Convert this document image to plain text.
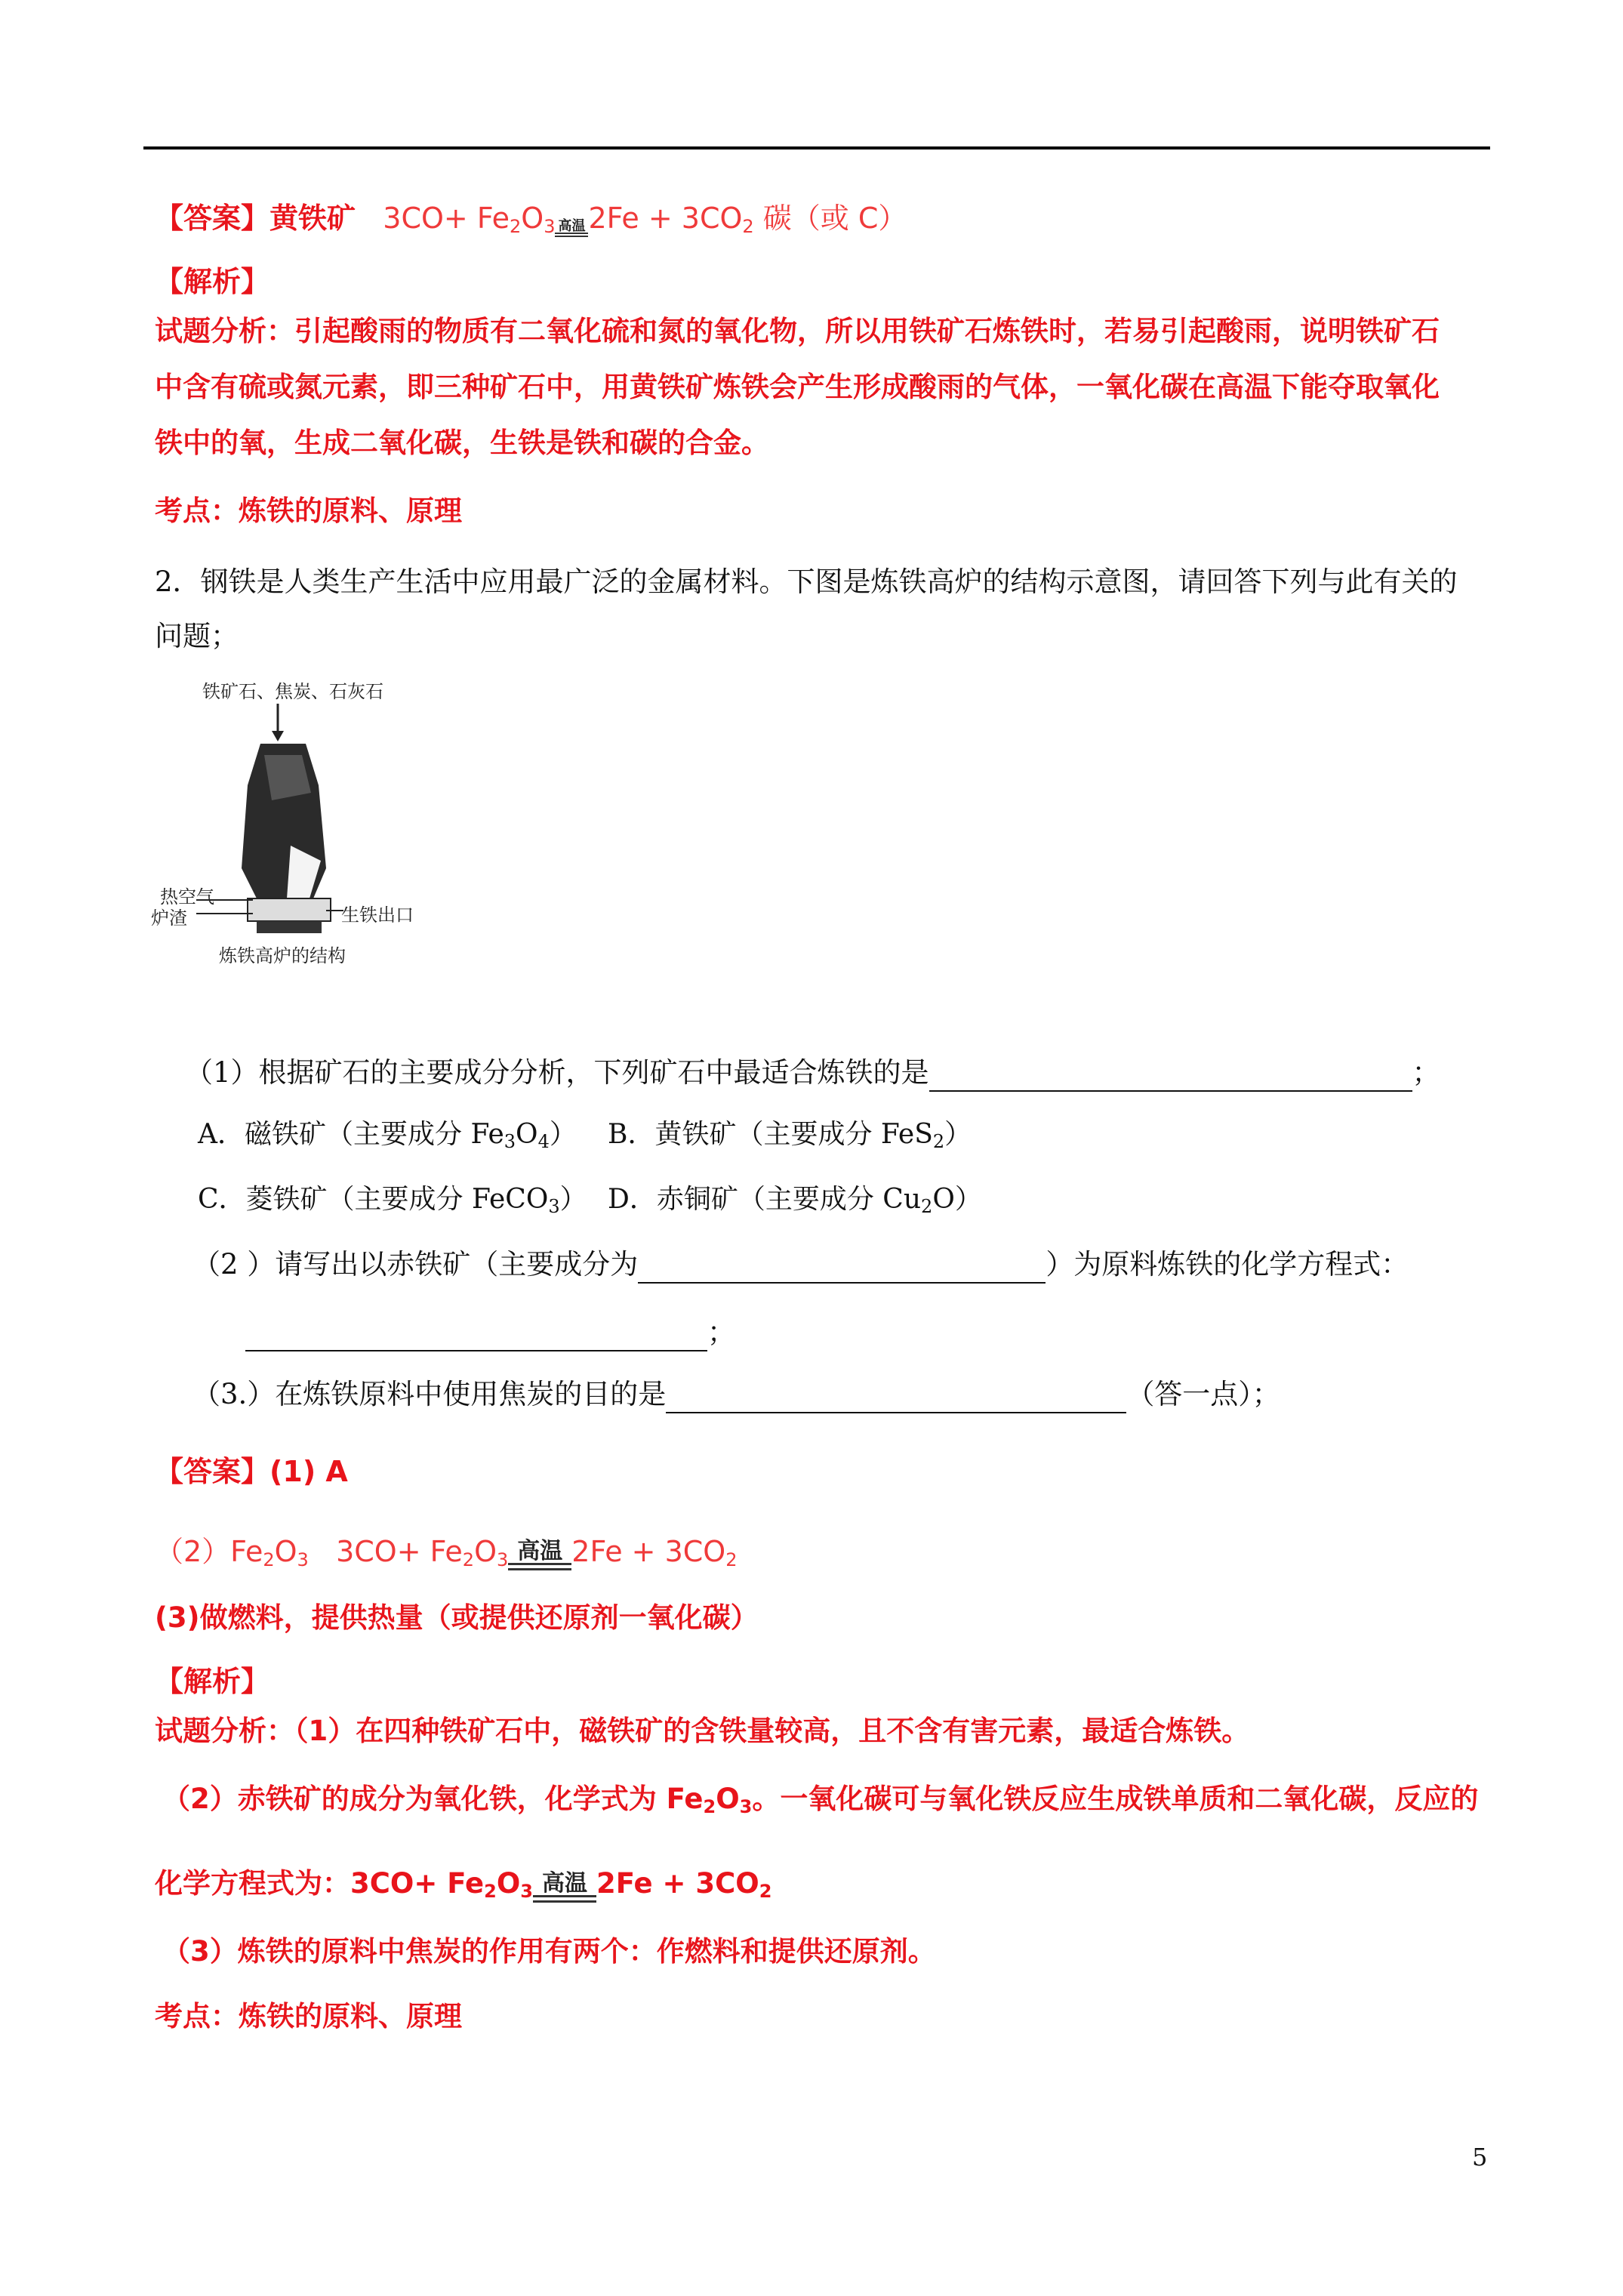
【答案】黄铁矿 $3CO+ Fe_2O_3$ 高温 $2Fe + 3CO_2$ 碳（或 C）
【解析】
试题分析：引起酸雨的物质有二氧化硫和氮的氧化物，所以用铁矿石炼铁时，若易引起酸雨，说明铁矿石
中含有硫或氮元素，即三种矿石中，用黄铁矿炼铁会产生形成酸雨的气体，一氧化碳在高温下能夺取氧化
铁中的氧，生成二氧化碳，生铁是铁和碳的合金。
考点：炼铁的原料、原理
2．钢铁是人类生产生活中应用最广泛的金属材料。下图是炼铁高炉的结构示意图，请回答下列与此有关的
问题；
铁矿石、焦炭、石灰石
热空气
炉渣	生铁出口
炼铁高炉的结构
（1）根据矿石的主要成分分析，下列矿石中最适合炼铁的是	；
A．磁铁矿（主要成分 $Fe_3O_4$） B．黄铁矿（主要成分 FeS$_2$）
C．菱铁矿（主要成分 FeCO$_3$） D．赤铜矿（主要成分 $Cu_2O$）
（2 ）请写出以赤铁矿（主要成分为	）为原料炼铁的化学方程式：
；
（3.）在炼铁原料中使用焦炭的目的是	（答一点）；
【答案】(1) A
$(2)Fe_2O_3$ $3CO+ Fe_2O_3$ 高温 $2Fe + 3CO_2$
(3)做燃料，提供热量（或提供还原剂一氧化碳）
【解析】
试题分析：（1）在四种铁矿石中，磁铁矿的含铁量较高，且不含有害元素，最适合炼铁。
（2）赤铁矿的成分为氧化铁，化学式为 $Fe_2O_3$。一氧化碳可与氧化铁反应生成铁单质和二氧化碳，反应的
化学方程式为：$3CO+ Fe_2O_3$ 高温 $2Fe + 3CO_2$
（3）炼铁的原料中焦炭的作用有两个：作燃料和提供还原剂。
考点：炼铁的原料、原理
5
